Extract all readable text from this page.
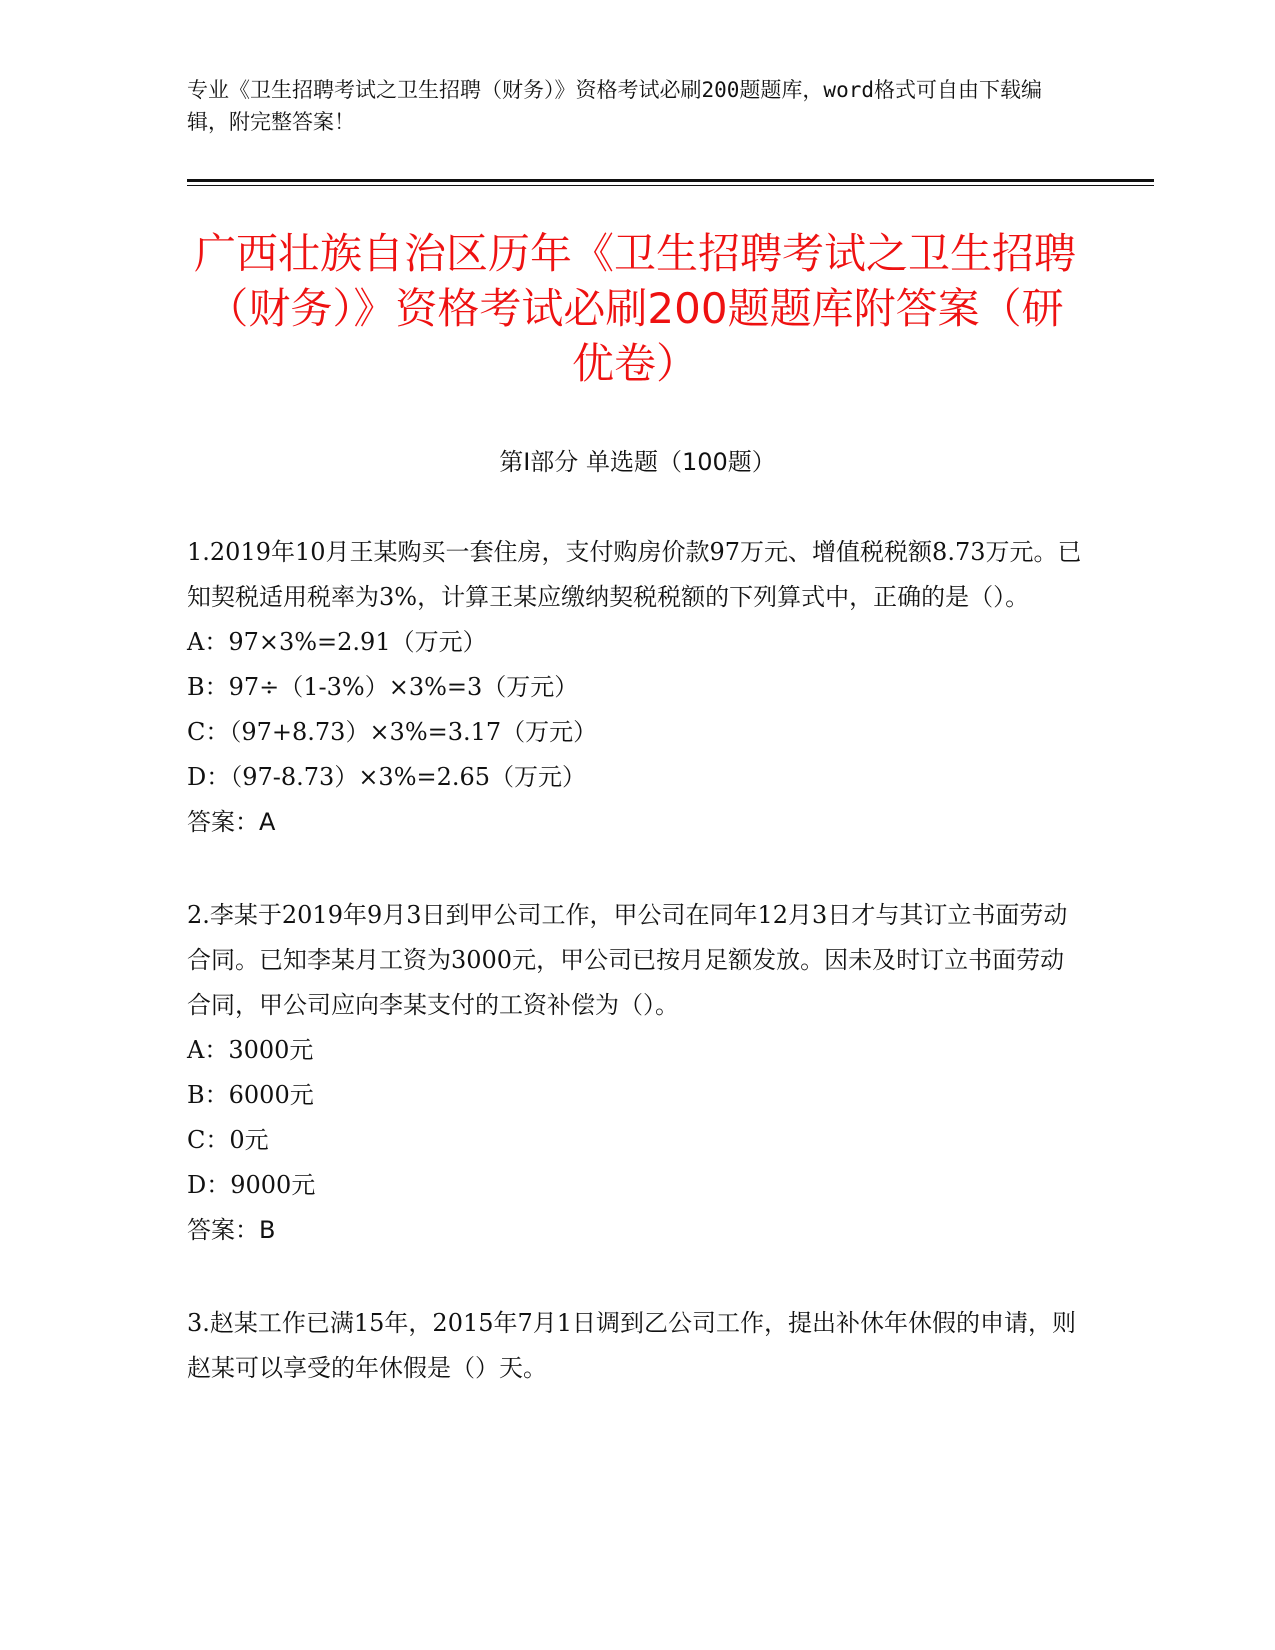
专业《卫生招聘考试之卫生招聘（财务）》资格考试必刷200题题库，word格式可自由下载编辑，附完整答案！
广西壮族自治区历年《卫生招聘考试之卫生招聘（财务）》资格考试必刷200题题库附答案（研优卷）
第Ⅰ部分 单选题（100题）

1.2019年10月王某购买一套住房，支付购房价款97万元、增值税税额8.73万元。已知契税适用税率为3%，计算王某应缴纳契税税额的下列算式中，正确的是（）。

A：97×3%=2.91（万元）

B：97÷（1-3%）×3%=3（万元）

C：（97+8.73）×3%=3.17（万元）

D：（97-8.73）×3%=2.65（万元）

答案：A

2.李某于2019年9月3日到甲公司工作，甲公司在同年12月3日才与其订立书面劳动合同。已知李某月工资为3000元，甲公司已按月足额发放。因未及时订立书面劳动合同，甲公司应向李某支付的工资补偿为（）。

A：3000元

B：6000元

C：0元

D：9000元

答案：B

3.赵某工作已满15年，2015年7月1日调到乙公司工作，提出补休年休假的申请，则赵某可以享受的年休假是（）天。
